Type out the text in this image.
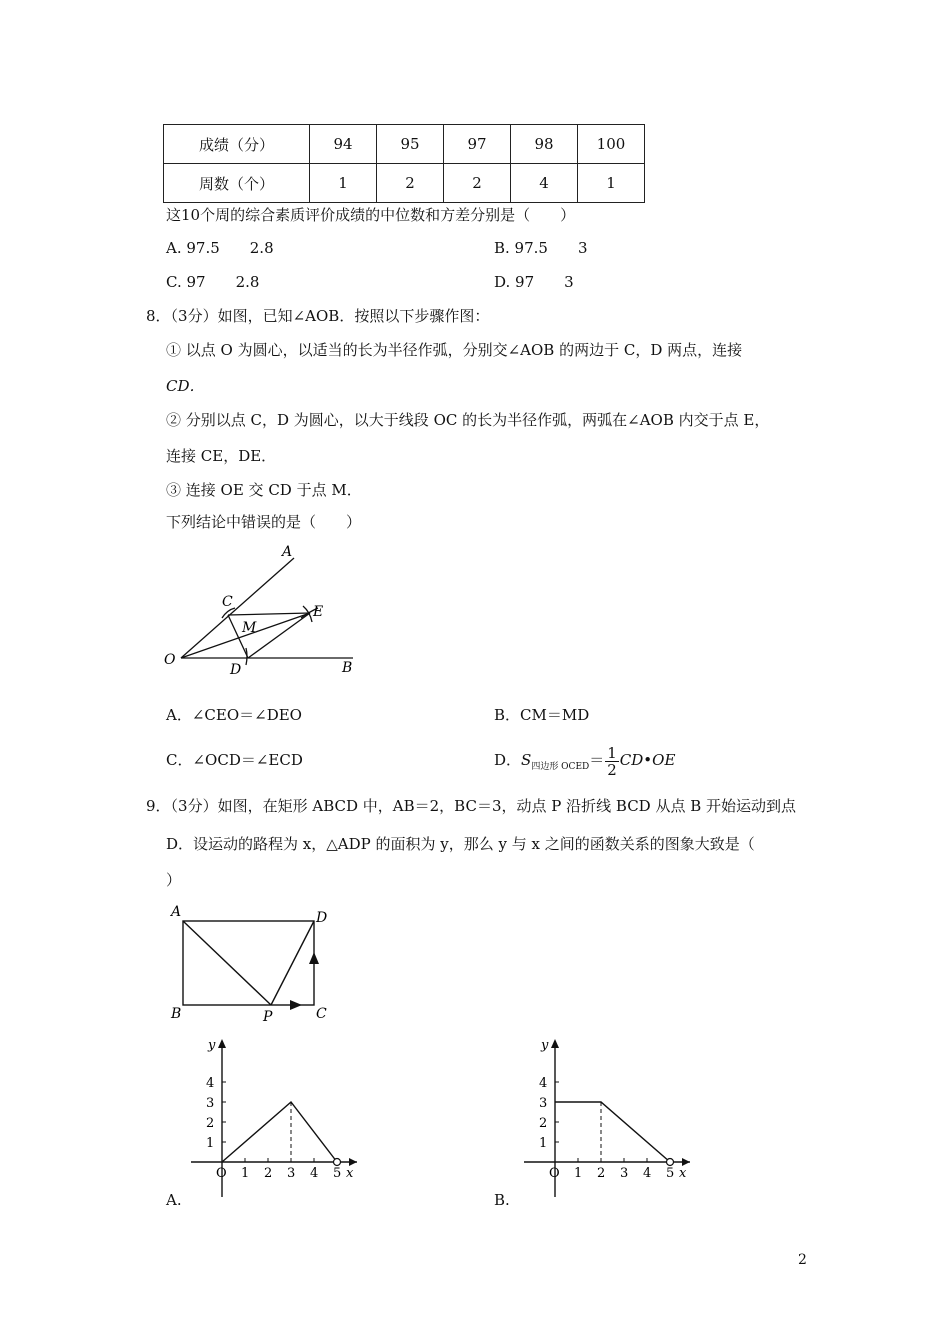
成绩（分）	94	95	97	98	100
周数（个）	1	2	2	4	1
这10个周的综合素质评价成绩的中位数和方差分别是（　　）
A. 97.5　　2.8	B. 97.5　　3
C. 97　　2.8	D. 97　　3
8．（3分）如图，已知∠AOB．按照以下步骤作图：
① 以点 O 为圆心，以适当的长为半径作弧，分别交∠AOB 的两边于 C，D 两点，连接
CD．
② 分别以点 C，D 为圆心，以大于线段 OC 的长为半径作弧，两弧在∠AOB 内交于点 E，
连接 CE，DE．
③ 连接 OE 交 CD 于点 M．
下列结论中错误的是（　　）
A
B
C
D
E
O
M
A．∠CEO＝∠DEO	B．CM＝MD
C．∠OCD＝∠ECD	D．$S_{四边形 OCED}= \frac{1}{2}$ CD•OE
9．（3分）如图，在矩形 ABCD 中，AB＝2，BC＝3，动点 P 沿折线 BCD 从点 B 开始运动到点
D．设运动的路程为 x，△ADP 的面积为 y，那么 y 与 x 之间的函数关系的图象大致是（
）
A
B	C
D
P
y
x
O 1 2 3 4 5
4
3
2
1
y
x
O 1 2 3 4 5
4
3
2
1
A.	B.
2
